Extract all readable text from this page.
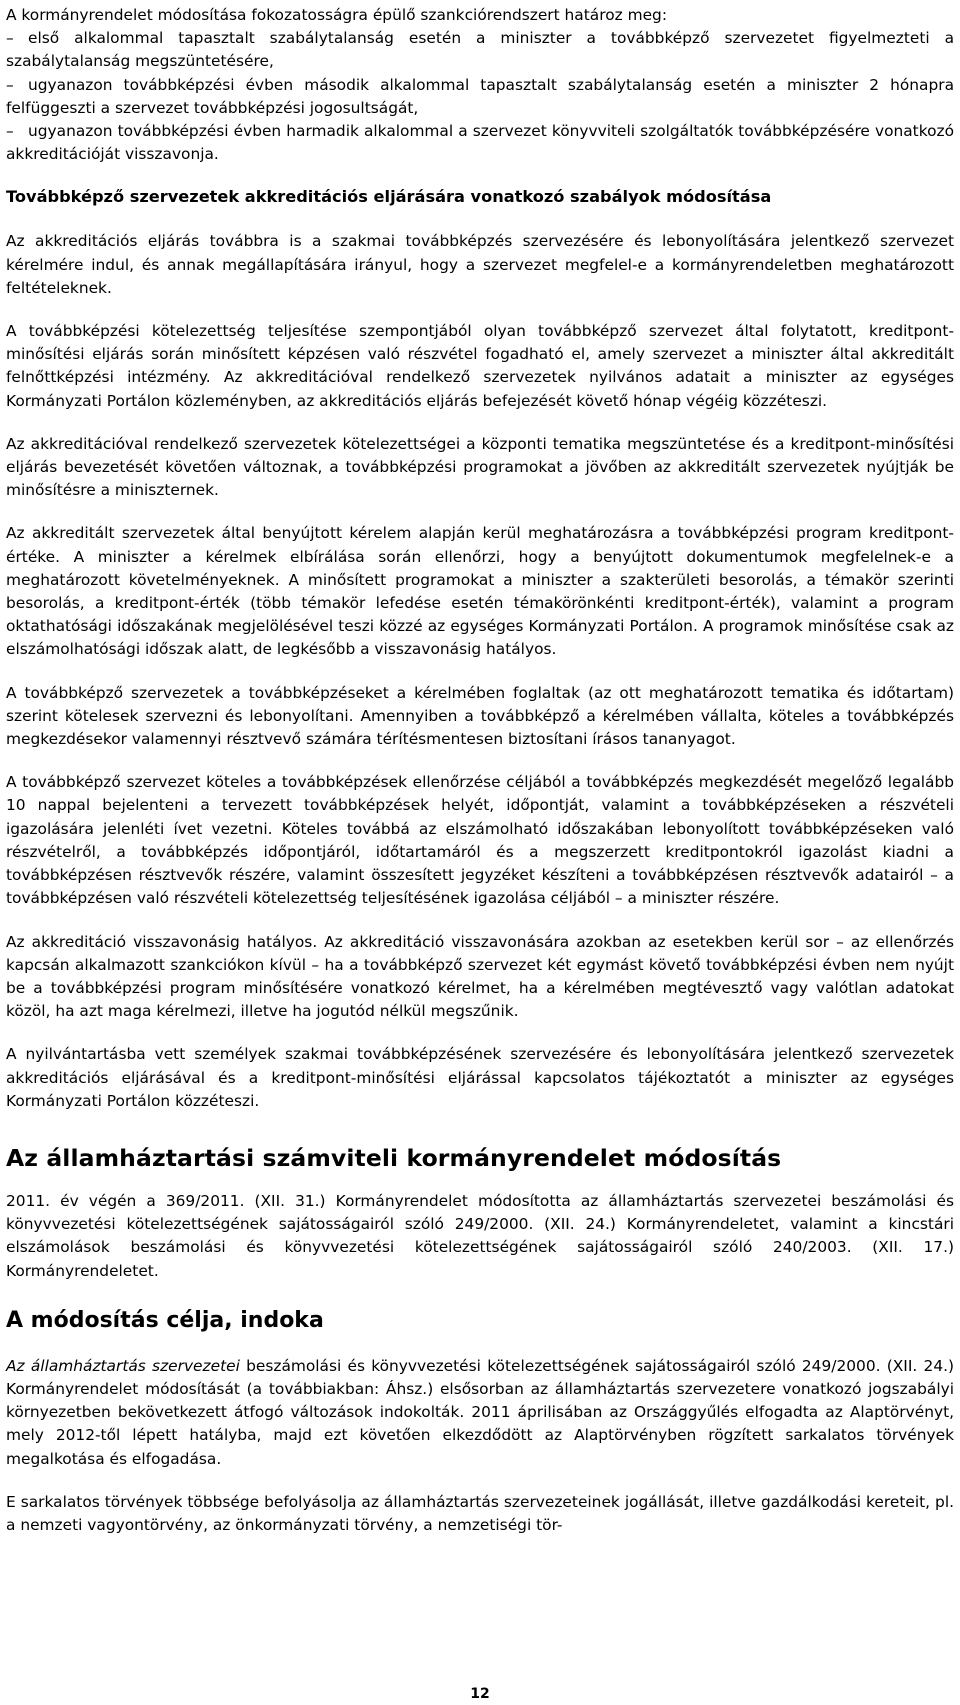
A kormányrendelet módosítása fokozatosságra épülő szankciórendszert határoz meg:

– első alkalommal tapasztalt szabálytalanság esetén a miniszter a továbbképző szervezetet figyelmezteti a szabálytalanság megszüntetésére,
– ugyanazon továbbképzési évben második alkalommal tapasztalt szabálytalanság esetén a miniszter 2 hónapra felfüggeszti a szervezet továbbképzési jogosultságát,
– ugyanazon továbbképzési évben harmadik alkalommal a szervezet könyvviteli szolgáltatók továbbképzésére vonatkozó akkreditációját visszavonja.
Továbbképző szervezetek akkreditációs eljárására vonatkozó szabályok módosítása

Az akkreditációs eljárás továbbra is a szakmai továbbképzés szervezésére és lebonyolítására jelentkező szervezet kérelmére indul, és annak megállapítására irányul, hogy a szervezet megfelel-e a kormányrendeletben meghatározott feltételeknek.

A továbbképzési kötelezettség teljesítése szempontjából olyan továbbképző szervezet által folytatott, kreditpont-minősítési eljárás során minősített képzésen való részvétel fogadható el, amely szervezet a miniszter által akkreditált felnőttképzési intézmény. Az akkreditációval rendelkező szervezetek nyilvános adatait a miniszter az egységes Kormányzati Portálon közleményben, az akkreditációs eljárás befejezését követő hónap végéig közzéteszi.

Az akkreditációval rendelkező szervezetek kötelezettségei a központi tematika megszüntetése és a kreditpont-minősítési eljárás bevezetését követően változnak, a továbbképzési programokat a jövőben az akkreditált szervezetek nyújtják be minősítésre a miniszternek.

Az akkreditált szervezetek által benyújtott kérelem alapján kerül meghatározásra a továbbképzési program kreditpont-értéke. A miniszter a kérelmek elbírálása során ellenőrzi, hogy a benyújtott dokumentumok megfelelnek-e a meghatározott követelményeknek. A minősített programokat a miniszter a szakterületi besorolás, a témakör szerinti besorolás, a kreditpont-érték (több témakör lefedése esetén témakörönkénti kreditpont-érték), valamint a program oktathatósági időszakának megjelölésével teszi közzé az egységes Kormányzati Portálon. A programok minősítése csak az elszámolhatósági időszak alatt, de legkésőbb a visszavonásig hatályos.

A továbbképző szervezetek a továbbképzéseket a kérelmében foglaltak (az ott meghatározott tematika és időtartam) szerint kötelesek szervezni és lebonyolítani. Amennyiben a továbbképző a kérelmében vállalta, köteles a továbbképzés megkezdésekor valamennyi résztvevő számára térítésmentesen biztosítani írásos tananyagot.

A továbbképző szervezet köteles a továbbképzések ellenőrzése céljából a továbbképzés megkezdését megelőző legalább 10 nappal bejelenteni a tervezett továbbképzések helyét, időpontját, valamint a továbbképzéseken a részvételi igazolására jelenléti ívet vezetni. Köteles továbbá az elszámolható időszakában lebonyolított továbbképzéseken való részvételről, a továbbképzés időpontjáról, időtartamáról és a megszerzett kreditpontokról igazolást kiadni a továbbképzésen résztvevők részére, valamint összesített jegyzéket készíteni a továbbképzésen résztvevők adatairól – a továbbképzésen való részvételi kötelezettség teljesítésének igazolása céljából – a miniszter részére.

Az akkreditáció visszavonásig hatályos. Az akkreditáció visszavonására azokban az esetekben kerül sor – az ellenőrzés kapcsán alkalmazott szankciókon kívül – ha a továbbképző szervezet két egymást követő továbbképzési évben nem nyújt be a továbbképzési program minősítésére vonatkozó kérelmet, ha a kérelmében megtévesztő vagy valótlan adatokat közöl, ha azt maga kérelmezi, illetve ha jogutód nélkül megszűnik.

A nyilvántartásba vett személyek szakmai továbbképzésének szervezésére és lebonyolítására jelentkező szervezetek akkreditációs eljárásával és a kreditpont-minősítési eljárással kapcsolatos tájékoztatót a miniszter az egységes Kormányzati Portálon közzéteszi.

Az államháztartási számviteli kormányrendelet módosítás

2011. év végén a 369/2011. (XII. 31.) Kormányrendelet módosította az államháztartás szervezetei beszámolási és könyvvezetési kötelezettségének sajátosságairól szóló 249/2000. (XII. 24.) Kormányrendeletet, valamint a kincstári elszámolások beszámolási és könyvvezetési kötelezettségének sajátosságairól szóló 240/2003. (XII. 17.) Kormányrendeletet.

A módosítás célja, indoka

Az államháztartás szervezetei beszámolási és könyvvezetési kötelezettségének sajátosságairól szóló 249/2000. (XII. 24.) Kormányrendelet módosítását (a továbbiakban: Áhsz.) elsősorban az államháztartás szervezetere vonatkozó jogszabályi környezetben bekövetkezett átfogó változások indokolták. 2011 áprilisában az Országgyűlés elfogadta az Alaptörvényt, mely 2012-től lépett hatályba, majd ezt követően elkezdődött az Alaptörvényben rögzített sarkalatos törvények megalkotása és elfogadása.

E sarkalatos törvények többsége befolyásolja az államháztartás szervezeteinek jogállását, illetve gazdálkodási kereteit, pl. a nemzeti vagyontörvény, az önkormányzati törvény, a nemzetiségi tör-

12
